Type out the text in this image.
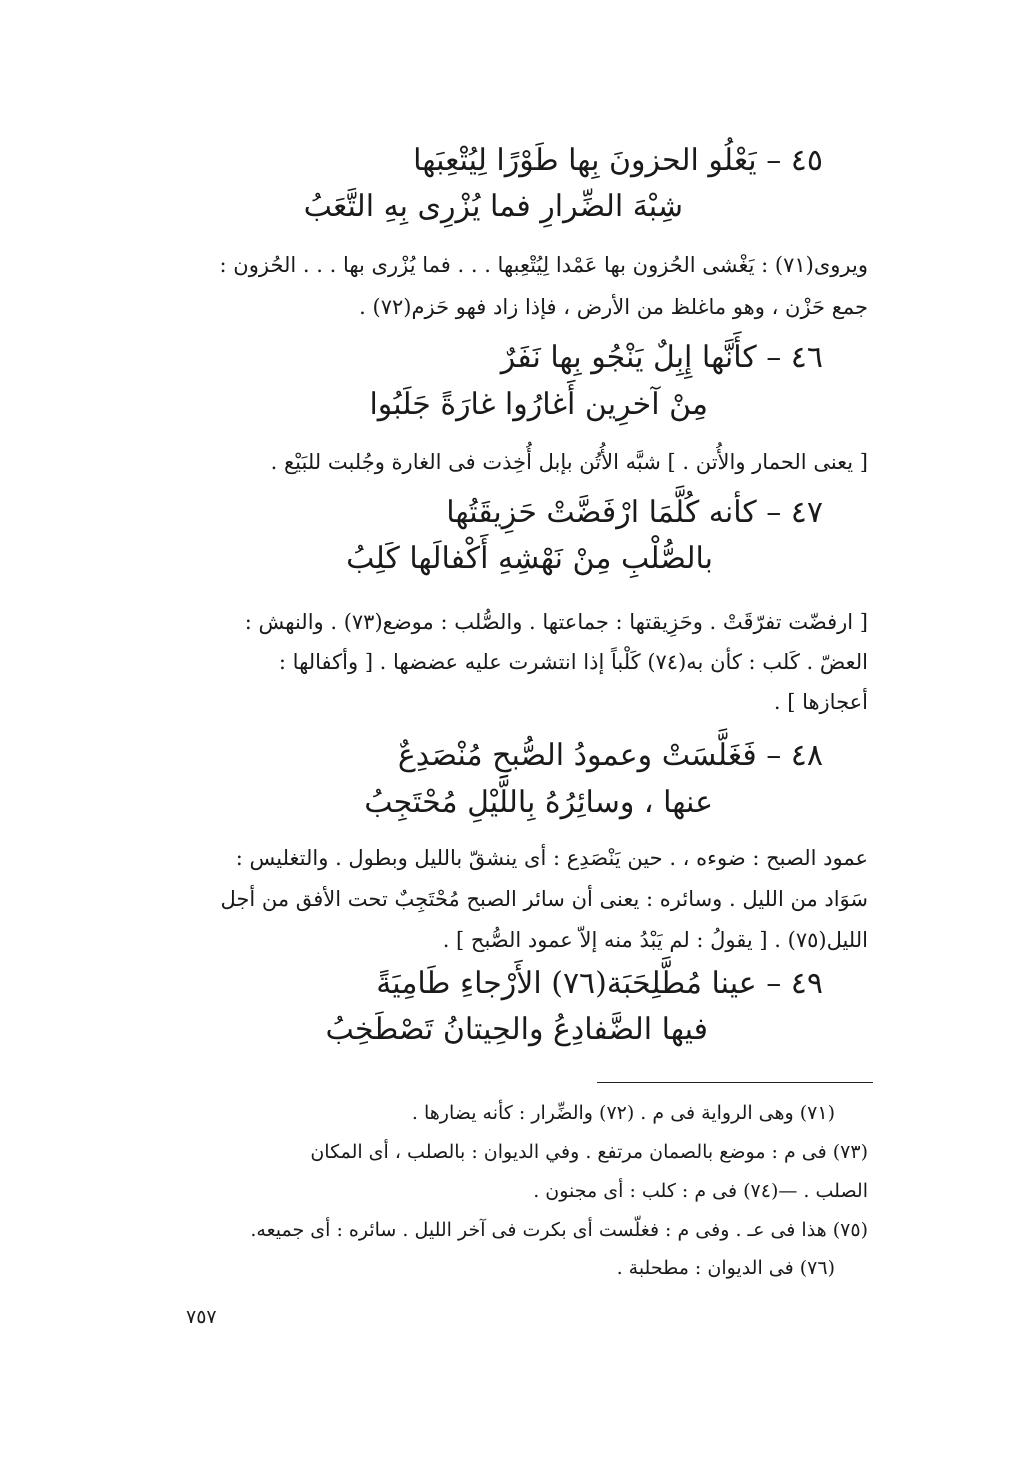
٤٥ – يَعْلُو الحزونَ بِها طَوْرًا لِيُتْعِبَها
شِبْهَ الضِّرارِ فما يُزْرِى بِهِ التَّعَبُ
ويروى(٧١) : يَغْشى الحُزون بها عَمْدا لِيُتْعِبها . . . فما يُزْرى بها . . . الحُزون :
جمع حَزْن ، وهو ماغلظ من الأرض ، فإذا زاد فهو حَزم(٧٢) .
٤٦ – كأَنَّها إِبِلٌ يَنْجُو بِها نَفَرٌ
مِنْ آخرِين أَغارُوا غارَةً جَلَبُوا
[ يعنى الحمار والأُتن . ] شبَّه الأُتُن بإبل أُخِذت فى الغارة وجُلبت للبَيْع .
٤٧ – كأنه كُلَّمَا ارْفَضَّتْ حَزِيقَتُها
بالصُّلْبِ مِنْ نَهْشِهِ أَكْفالَها كَلِبُ
[ ارفضّت تفرّقَتْ . وحَزِيقتها : جماعتها . والصُّلب : موضع(٧٣) . والنهش :
العضّ . كَلب : كأن به(٧٤) كَلْباً إذا انتشرت عليه عضضها . [ وأكفالها :
أعجازها ] .
٤٨ – فَغَلَّسَتْ وعمودُ الصُّبحِ مُنْصَدِعٌ
عنها ، وسائِرُهُ بِاللَّيْلِ مُحْتَجِبُ
عمود الصبح : ضوءه ، . حين يَنْصَدِع : أى ينشقّ بالليل وبطول . والتغليس :
سَوَاد من الليل . وسائره : يعنى أن سائر الصبح مُحْتَجِبٌ تحت الأفق من أجل
الليل(٧٥) . [ يقولُ : لم يَبْدُ منه إلاّ عمود الصُّبح ] .
٤٩ – عينا مُطَّلِحَبَة(٧٦) الأَرْجاءِ طَامِيَةً
فيها الضَّفادِعُ والحِيتانُ تَصْطَخِبُ
(٧١) وهى الرواية فى م . (٧٢) والضِّرار : كأنه يضارها .
(٧٣) فى م : موضع بالصمان مرتفع . وفي الديوان : بالصلب ، أى المكان
الصلب . —(٧٤) فى م : كلب : أى مجنون .
(٧٥) هذا فى عـ . وفى م : فغلّست أى بكرت فى آخر الليل . سائره : أى جميعه.
(٧٦) فى الديوان : مطحلبة .
٧٥٧
